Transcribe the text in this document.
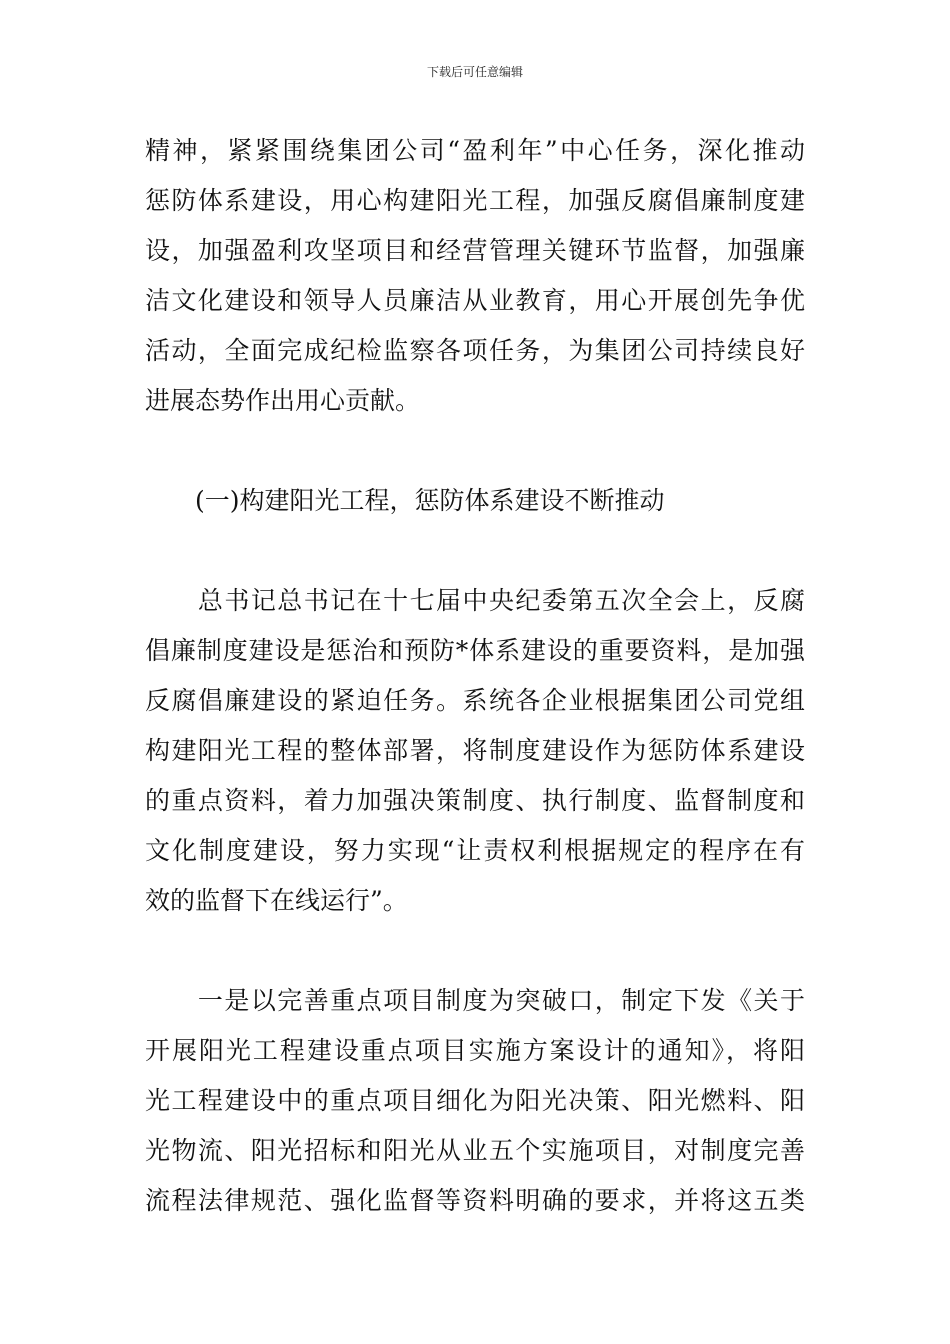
下载后可任意编辑
精神，紧紧围绕集团公司“盈利年”中心任务，深化推动
惩防体系建设，用心构建阳光工程，加强反腐倡廉制度建
设，加强盈利攻坚项目和经营管理关键环节监督，加强廉
洁文化建设和领导人员廉洁从业教育，用心开展创先争优
活动，全面完成纪检监察各项任务，为集团公司持续良好
进展态势作出用心贡献。
　　(一)构建阳光工程，惩防体系建设不断推动
　　总书记总书记在十七届中央纪委第五次全会上，反腐
倡廉制度建设是惩治和预防*体系建设的重要资料，是加强
反腐倡廉建设的紧迫任务。系统各企业根据集团公司党组
构建阳光工程的整体部署，将制度建设作为惩防体系建设
的重点资料，着力加强决策制度、执行制度、监督制度和
文化制度建设，努力实现“让责权利根据规定的程序在有
效的监督下在线运行”。
　　一是以完善重点项目制度为突破口，制定下发《关于
开展阳光工程建设重点项目实施方案设计的通知》，将阳
光工程建设中的重点项目细化为阳光决策、阳光燃料、阳
光物流、阳光招标和阳光从业五个实施项目，对制度完善
流程法律规范、强化监督等资料明确的要求，并将这五类
